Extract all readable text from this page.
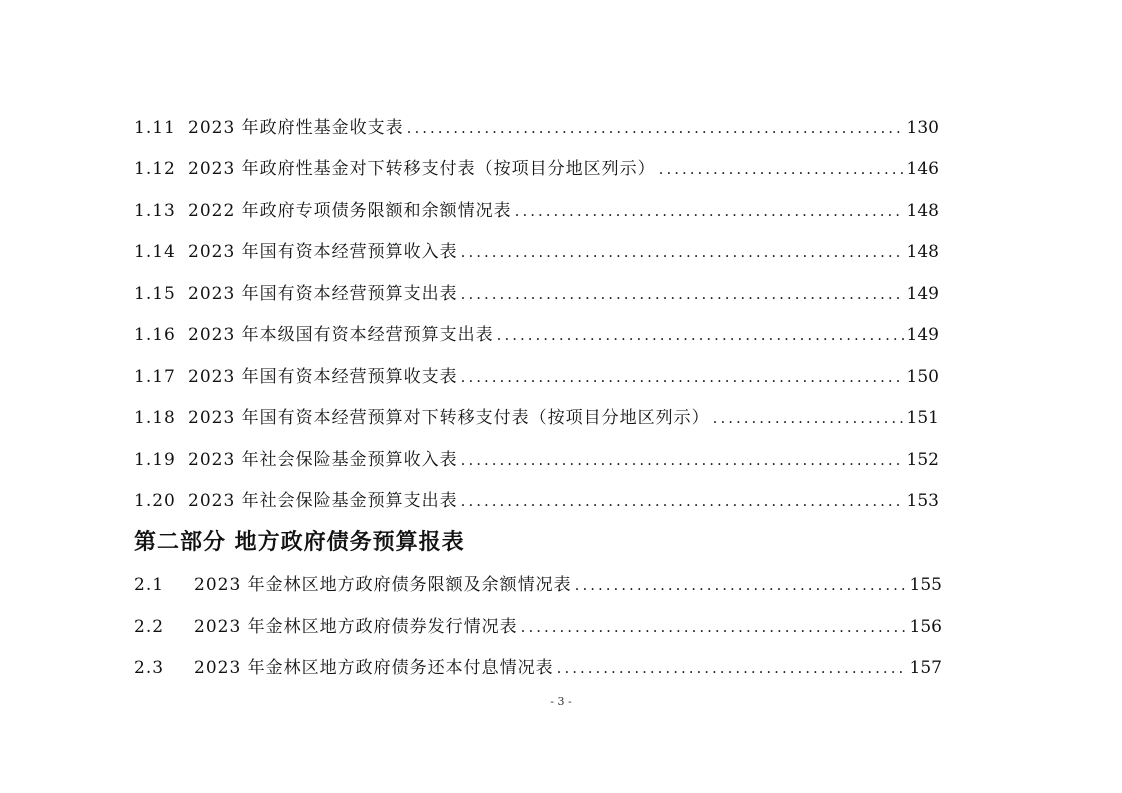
1.11 2023 年政府性基金收支表 .....	130
1.12 2023 年政府性基金对下转移支付表（按项目分地区列示） .....	146
1.13 2022 年政府专项债务限额和余额情况表 .....	148
1.14 2023 年国有资本经营预算收入表 .....	148
1.15 2023 年国有资本经营预算支出表 .....	149
1.16 2023 年本级国有资本经营预算支出表 .....	149
1.17 2023 年国有资本经营预算收支表 .....	150
1.18 2023 年国有资本经营预算对下转移支付表（按项目分地区列示） .....	151
1.19 2023 年社会保险基金预算收入表 .....	152
1.20 2023 年社会保险基金预算支出表 .....	153
第二部分 地方政府债务预算报表
2.1	2023 年金林区地方政府债务限额及余额情况表 .....	155
2.2	2023 年金林区地方政府债券发行情况表 .....	156
2.3	2023 年金林区地方政府债务还本付息情况表 .....	157
- 3 -
